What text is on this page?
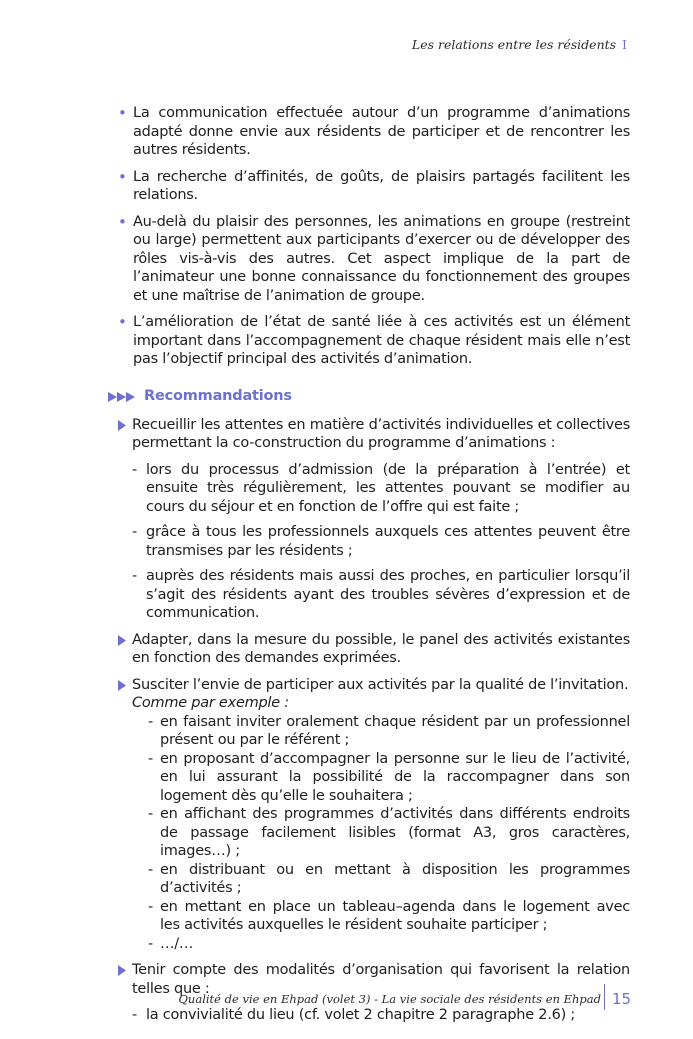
Les relations entre les résidents I
• La communication effectuée autour d’un programme d’animations adapté donne envie aux résidents de participer et de rencontrer les autres résidents.
• La recherche d’affinités, de goûts, de plaisirs partagés facilitent les relations.
• Au-delà du plaisir des personnes, les animations en groupe (restreint ou large) permettent aux participants d’exercer ou de développer des rôles vis-à-vis des autres. Cet aspect implique de la part de l’animateur une bonne connaissance du fonctionnement des groupes et une maîtrise de l’animation de groupe.
• L’amélioration de l’état de santé liée à ces activités est un élément important dans l’accompagnement de chaque résident mais elle n’est pas l’objectif principal des activités d’animation.
Recommandations
Recueillir les attentes en matière d’activités individuelles et collectives permettant la co-construction du programme d’animations :
- lors du processus d’admission (de la préparation à l’entrée) et ensuite très régulièrement, les attentes pouvant se modifier au cours du séjour et en fonction de l’offre qui est faite ;
- grâce à tous les professionnels auxquels ces attentes peuvent être transmises par les résidents ;
- auprès des résidents mais aussi des proches, en particulier lorsqu’il s’agit des résidents ayant des troubles sévères d’expression et de communication.
Adapter, dans la mesure du possible, le panel des activités existantes en fonction des demandes exprimées.
Susciter l’envie de participer aux activités par la qualité de l’invitation.
Comme par exemple :
- en faisant inviter oralement chaque résident par un professionnel présent ou par le référent ;
- en proposant d’accompagner la personne sur le lieu de l’activité, en lui assurant la possibilité de la raccompagner dans son logement dès qu’elle le souhaitera ;
- en affichant des programmes d’activités dans différents endroits de passage facilement lisibles (format A3, gros caractères, images…) ;
- en distribuant ou en mettant à disposition les programmes d’activités ;
- en mettant en place un tableau–agenda dans le logement avec les activités auxquelles le résident souhaite participer ;
- …/…
Tenir compte des modalités d’organisation qui favorisent la relation telles que :
- la convivialité du lieu (cf. volet 2 chapitre 2 paragraphe 2.6) ;
Qualité de vie en Ehpad (volet 3) - La vie sociale des résidents en Ehpad 15
